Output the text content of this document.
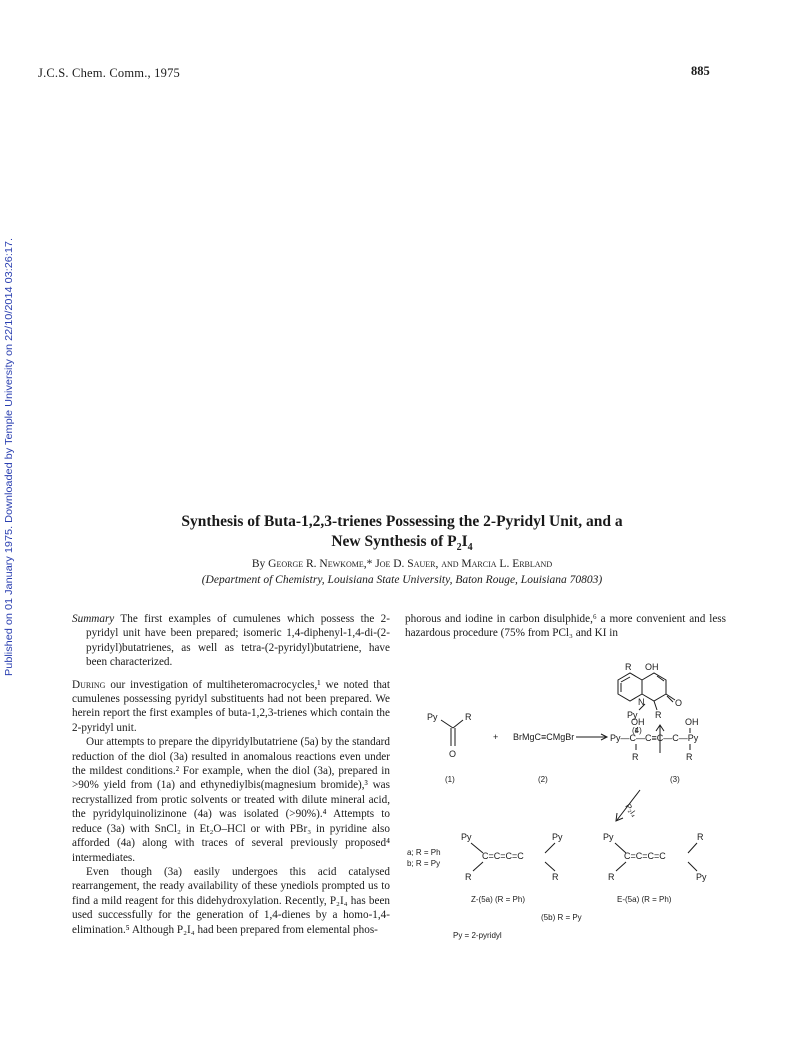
J.C.S. Chem. Comm., 1975	885
Published on 01 January 1975. Downloaded by Temple University on 22/10/2014 03:26:17.	Synthesis of Buta-1,2,3-trienes Possessing the 2-Pyridyl Unit, and a
New Synthesis of $P_2I_4$
By George R. Newkome,* Joe D. Sauer, and Marcia L. Erbland
(Department of Chemistry, Louisiana State University, Baton Rouge, Louisiana 70803)

Summary The first examples of cumulenes which possess the 2-pyridyl unit have been prepared; isomeric 1,4-diphenyl-1,4-di-(2-pyridyl)butatrienes, as well as tetra-(2-pyridyl)butatriene, have been characterized.

During our investigation of multiheteromacrocycles,¹ we noted that cumulenes possessing pyridyl substituents had not been prepared. We herein report the first examples of buta-1,2,3-trienes which contain the 2-pyridyl unit.

Our attempts to prepare the dipyridylbutatriene (5a) by the standard reduction of the diol (3a) resulted in anomalous reactions even under the mildest conditions.² For example, when the diol (3a), prepared in >90% yield from (1a) and ethynediylbis(magnesium bromide),³ was recrystallized from protic solvents or treated with dilute mineral acid, the pyridylquinolizinone (4a) was isolated (>90%).⁴ Attempts to reduce (3a) with SnCl₂ in Et₂O–HCl or with PBr₃ in pyridine also afforded (4a) along with traces of several previously proposed⁴ intermediates.

Even though (3a) easily undergoes this acid catalysed rearrangement, the ready availability of these ynediols prompted us to find a mild reagent for this didehydroxylation. Recently, P₂I₄ has been used successfully for the generation of 1,4-dienes by a homo-1,4-elimination.⁵ Although P₂I₄ had been prepared from elemental phos-

phorous and iodine in carbon disulphide,⁶ a more convenient and less hazardous procedure (75% from PCl₃ and KI in
R OH
N	O
Py R
(4)
Py	R
O
(1)
+ BrMgC≡CMgBr
(2)
OH	OH
Py—C—C≡C—C—Py
R	R
(3)
P₂I₄
a; R = Ph
b; R = Py
Py	Py
C=C=C=C
R	R
Z-(5a) (R = Ph)
Py	R
C=C=C=C
R	Py
E-(5a) (R = Ph)
(5b) R = Py
Py = 2-pyridyl
